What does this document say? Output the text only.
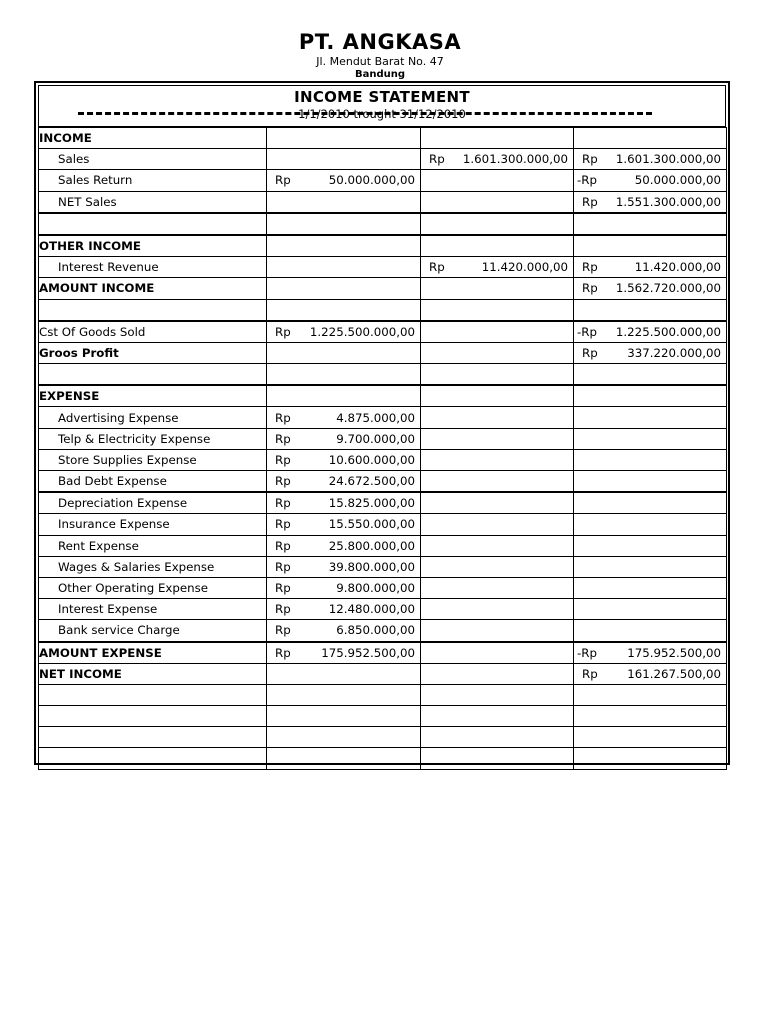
PT. ANGKASA
Jl. Mendut Barat No. 47
Bandung
INCOME STATEMENT
1/1/2010 trought 31/12/2010
INCOME			
Sales		Rp 1.601.300.000,00	Rp 1.601.300.000,00

Sales Return	Rp 50.000.000,00		-Rp 50.000.000,00

NET Sales			Rp 1.551.300.000,00

OTHER INCOME			
Interest Revenue		Rp 11.420.000,00	Rp 11.420.000,00

AMOUNT INCOME			Rp 1.562.720.000,00

Cst Of Goods Sold	Rp 1.225.500.000,00		-Rp 1.225.500.000,00

Groos Profit			Rp 337.220.000,00

EXPENSE			
Advertising Expense	Rp 4.875.000,00		

Telp & Electricity Expense	Rp 9.700.000,00		

Store Supplies Expense	Rp 10.600.000,00		

Bad Debt Expense	Rp 24.672.500,00		

Depreciation Expense	Rp 15.825.000,00		

Insurance Expense	Rp 15.550.000,00		

Rent Expense	Rp 25.800.000,00		

Wages & Salaries Expense	Rp 39.800.000,00		

Other Operating Expense	Rp 9.800.000,00		

Interest Expense	Rp 12.480.000,00		

Bank service Charge	Rp 6.850.000,00		

AMOUNT EXPENSE	Rp 175.952.500,00		-Rp 175.952.500,00

NET INCOME			Rp 161.267.500,00
